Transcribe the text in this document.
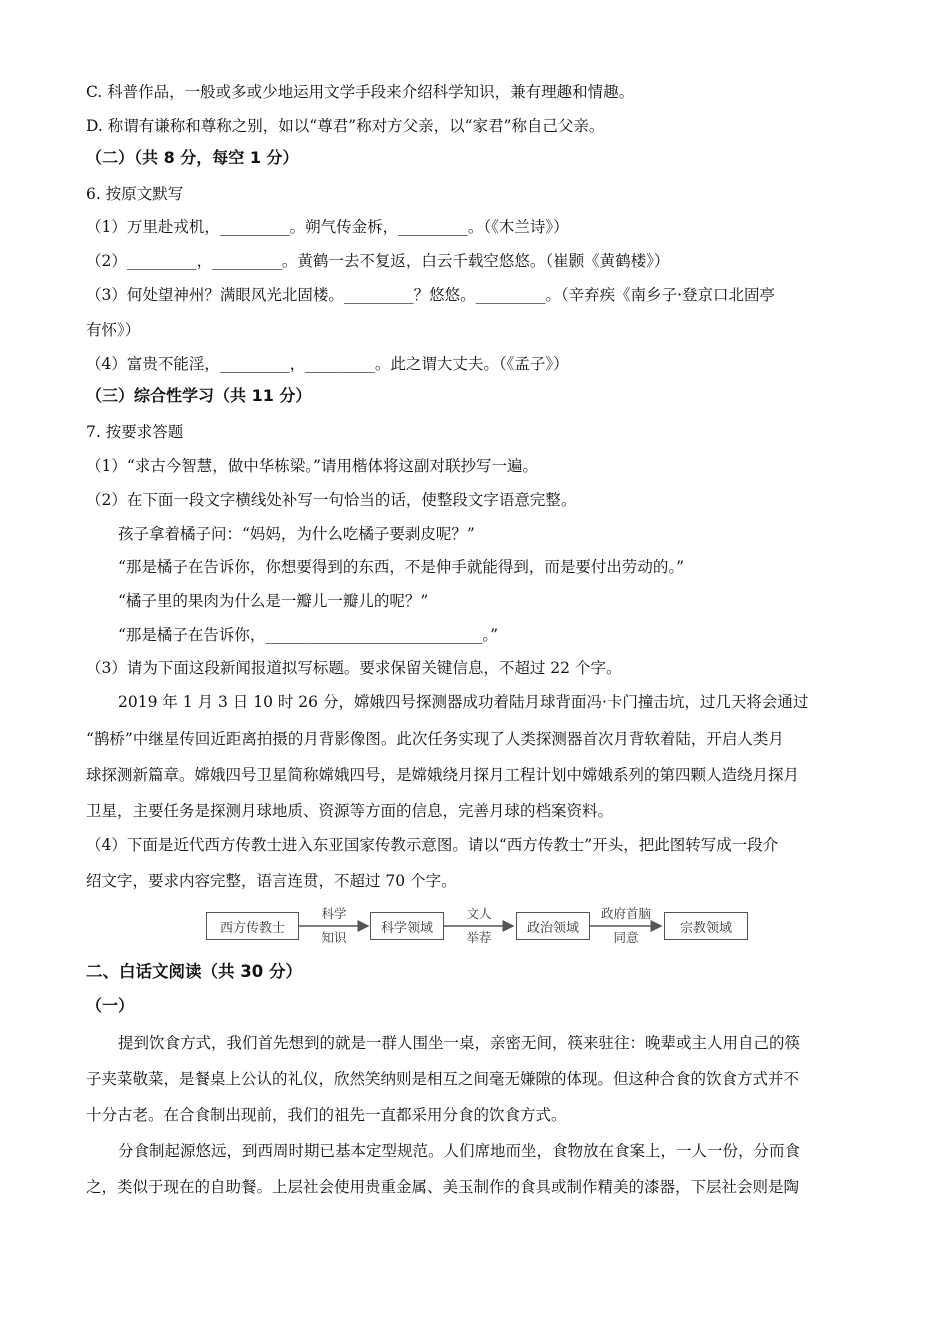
C. 科普作品，一般或多或少地运用文学手段来介绍科学知识，兼有理趣和情趣。
D. 称谓有谦称和尊称之别，如以“尊君”称对方父亲，以“家君”称自己父亲。
（二）（共 8 分，每空 1 分）
6. 按原文默写
（1）万里赴戎机，_________。朔气传金柝，_________。（《木兰诗》）
（2）_________，_________。黄鹤一去不复返，白云千载空悠悠。（崔颢《黄鹤楼》）
（3）何处望神州？满眼风光北固楼。_________？悠悠。_________。（辛弃疾《南乡子·登京口北固亭
有怀》）
（4）富贵不能淫，_________，_________。此之谓大丈夫。（《孟子》）
（三）综合性学习（共 11 分）
7. 按要求答题
（1）“求古今智慧，做中华栋梁。”请用楷体将这副对联抄写一遍。
（2）在下面一段文字横线处补写一句恰当的话，使整段文字语意完整。
孩子拿着橘子问：“妈妈，为什么吃橘子要剥皮呢？”
“那是橘子在告诉你，你想要得到的东西，不是伸手就能得到，而是要付出劳动的。”
“橘子里的果肉为什么是一瓣儿一瓣儿的呢？”
“那是橘子在告诉你，____________________________。”
（3）请为下面这段新闻报道拟写标题。要求保留关键信息，不超过 22 个字。
2019 年 1 月 3 日 10 时 26 分，嫦娥四号探测器成功着陆月球背面冯·卡门撞击坑，过几天将会通过
“鹊桥”中继星传回近距离拍摄的月背影像图。此次任务实现了人类探测器首次月背软着陆，开启人类月
球探测新篇章。嫦娥四号卫星简称嫦娥四号，是嫦娥绕月探月工程计划中嫦娥系列的第四颗人造绕月探月
卫星，主要任务是探测月球地质、资源等方面的信息，完善月球的档案资料。
（4）下面是近代西方传教士进入东亚国家传教示意图。请以“西方传教士”开头，把此图转写成一段介
绍文字，要求内容完整，语言连贯，不超过 70 个字。
西方传教士	科学领域	政治领域	宗教领域
科学
知识
文人
举荐
政府首脑
同意
二、白话文阅读（共 30 分）
（一）
提到饮食方式，我们首先想到的就是一群人围坐一桌，亲密无间，筷来驻往：晚辈或主人用自己的筷
子夹菜敬菜，是餐桌上公认的礼仪，欣然笑纳则是相互之间毫无嫌隙的体现。但这种合食的饮食方式并不
十分古老。在合食制出现前，我们的祖先一直都采用分食的饮食方式。
分食制起源悠远，到西周时期已基本定型规范。人们席地而坐，食物放在食案上，一人一份，分而食
之，类似于现在的自助餐。上层社会使用贵重金属、美玉制作的食具或制作精美的漆器，下层社会则是陶
